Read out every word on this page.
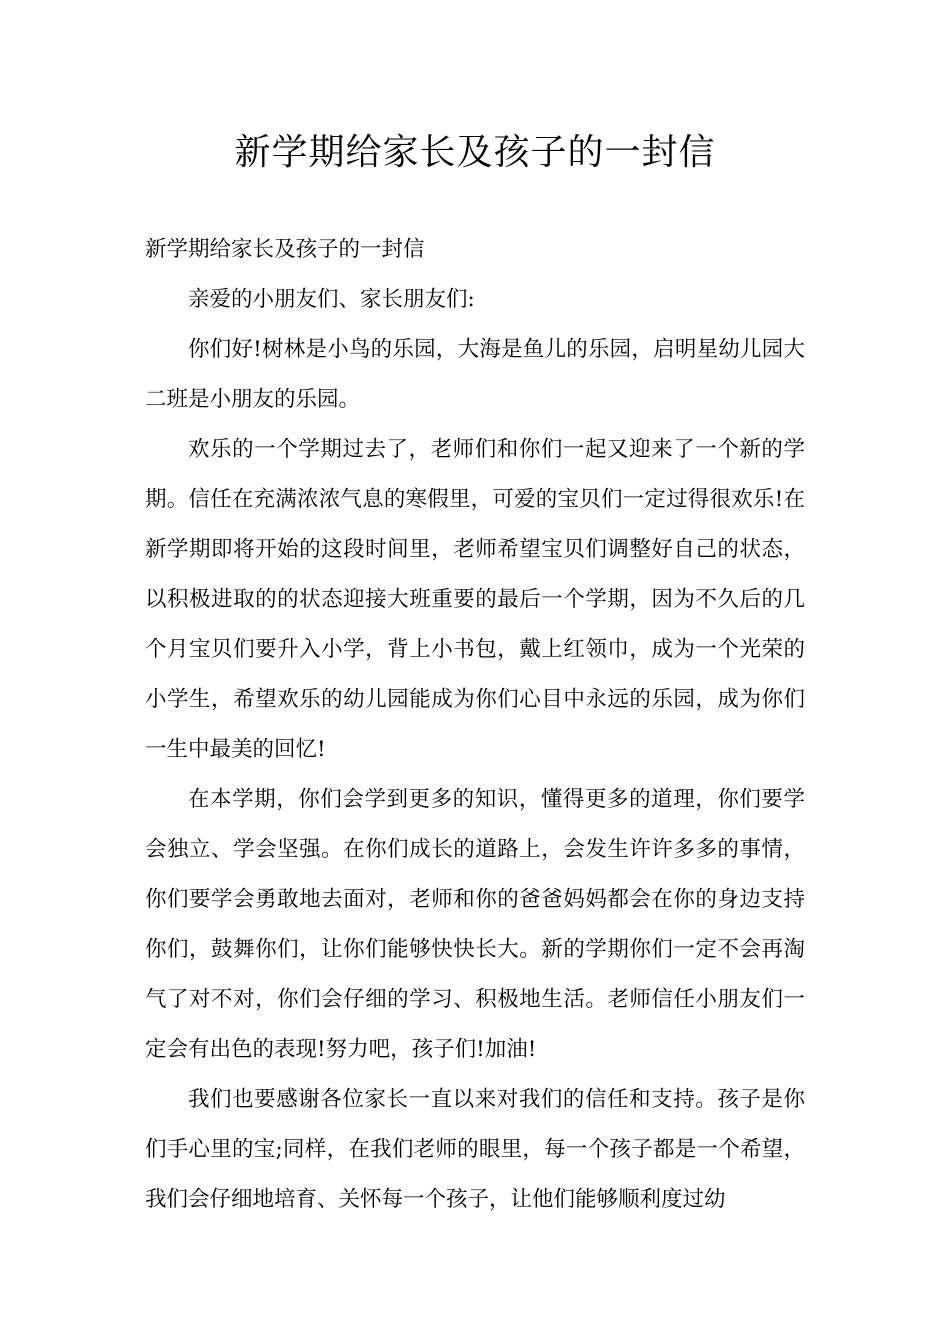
新学期给家长及孩子的一封信

新学期给家长及孩子的一封信

亲爱的小朋友们、家长朋友们:

你们好!树林是小鸟的乐园，大海是鱼儿的乐园，启明星幼儿园大二班是小朋友的乐园。

欢乐的一个学期过去了，老师们和你们一起又迎来了一个新的学期。信任在充满浓浓气息的寒假里，可爱的宝贝们一定过得很欢乐!在新学期即将开始的这段时间里，老师希望宝贝们调整好自己的状态，以积极进取的的状态迎接大班重要的最后一个学期，因为不久后的几个月宝贝们要升入小学，背上小书包，戴上红领巾，成为一个光荣的小学生，希望欢乐的幼儿园能成为你们心目中永远的乐园，成为你们一生中最美的回忆!

在本学期，你们会学到更多的知识，懂得更多的道理，你们要学会独立、学会坚强。在你们成长的道路上，会发生许许多多的事情，你们要学会勇敢地去面对，老师和你的爸爸妈妈都会在你的身边支持你们，鼓舞你们，让你们能够快快长大。新的学期你们一定不会再淘气了对不对，你们会仔细的学习、积极地生活。老师信任小朋友们一定会有出色的表现!努力吧，孩子们!加油!

我们也要感谢各位家长一直以来对我们的信任和支持。孩子是你们手心里的宝;同样，在我们老师的眼里，每一个孩子都是一个希望，我们会仔细地培育、关怀每一个孩子，让他们能够顺利度过幼
